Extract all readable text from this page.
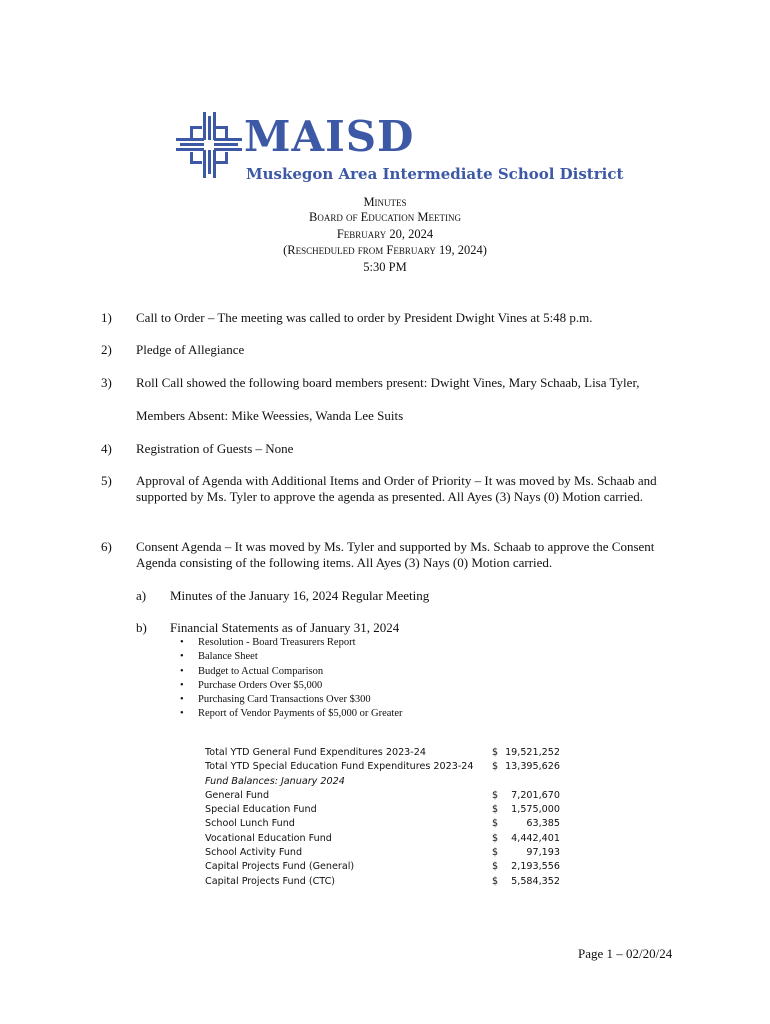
MAISD
Muskegon Area Intermediate School District
Minutes
Board of Education Meeting
February 20, 2024
(Rescheduled from February 19, 2024)
5:30 PM
1) Call to Order – The meeting was called to order by President Dwight Vines at 5:48 p.m.
2) Pledge of Allegiance
3) Roll Call showed the following board members present: Dwight Vines, Mary Schaab, Lisa Tyler,
Members Absent: Mike Weessies, Wanda Lee Suits
4) Registration of Guests – None
5) Approval of Agenda with Additional Items and Order of Priority – It was moved by Ms. Schaab and supported by Ms. Tyler to approve the agenda as presented. All Ayes (3) Nays (0) Motion carried.
6) Consent Agenda – It was moved by Ms. Tyler and supported by Ms. Schaab to approve the Consent Agenda consisting of the following items. All Ayes (3) Nays (0) Motion carried.
a) Minutes of the January 16, 2024 Regular Meeting
b) Financial Statements as of January 31, 2024
• Resolution - Board Treasurers Report
• Balance Sheet
• Budget to Actual Comparison
• Purchase Orders Over $5,000
• Purchasing Card Transactions Over $300
• Report of Vendor Payments of $5,000 or Greater
Total YTD General Fund Expenditures 2023-24	$ 19,521,252
Total YTD Special Education Fund Expenditures 2023-24 $ 13,395,626
Fund Balances: January 2024
General Fund	$ 7,201,670
Special Education Fund	$ 1,575,000
School Lunch Fund	$	63,385
Vocational Education Fund	$ 4,442,401
School Activity Fund	$	97,193
Capital Projects Fund (General)	$ 2,193,556
Capital Projects Fund (CTC)	$ 5,584,352
Page 1 – 02/20/24
